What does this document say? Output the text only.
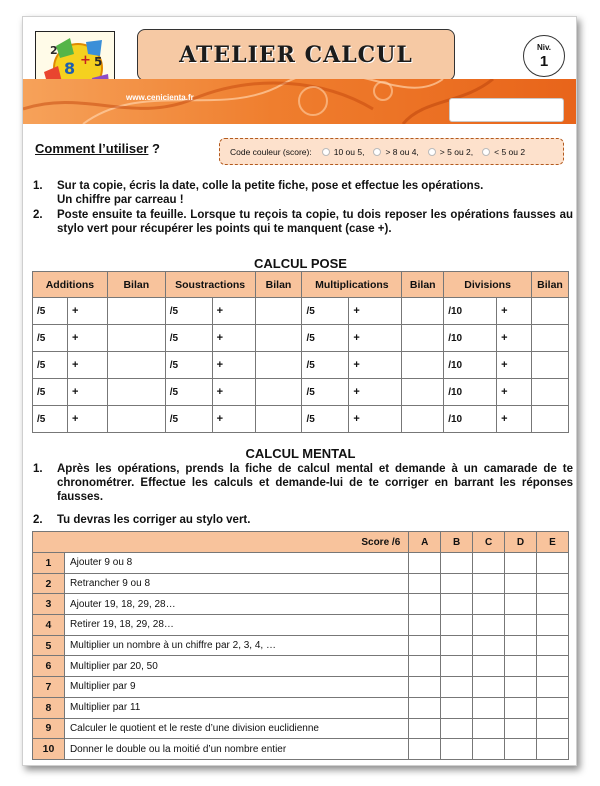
8 + 5
2	ATELIER CALCUL	Niv.
1
www.cenicienta.fr
Comment l’utiliser ?	Code couleur (score):	10 ou 5, > 8 ou 4, > 5 ou 2, < 5 ou 2
1. Sur ta copie, écris la date, colle la petite fiche, pose et effectue les opérations.
Un chiffre par carreau !
2. Poste ensuite ta feuille. Lorsque tu reçois ta copie, tu dois reposer les opérations fausses au stylo vert pour récupérer les points qui te manquent (case +).
CALCUL POSE
Additions		Bilan	Soustractions		Bilan	Multiplications		Bilan	Divisions		Bilan
/5	+		/5	+		/5	+		/10	+	
/5	+		/5	+		/5	+		/10	+	
/5	+		/5	+		/5	+		/10	+	
/5	+		/5	+		/5	+		/10	+	
/5	+		/5	+		/5	+		/10	+	
CALCUL MENTAL
1. Après les opérations, prends la fiche de calcul mental et demande à un camarade de te chronométrer. Effectue les calculs et demande-lui de te corriger en barrant les réponses fausses.
2. Tu devras les corriger au stylo vert.
Score /6		A	B	C	D	E
1	Ajouter 9 ou 8					
2	Retrancher 9 ou 8					
3	Ajouter 19, 18, 29, 28…					
4	Retirer 19, 18, 29, 28…					
5	Multiplier un nombre à un chiffre par 2, 3, 4, …					
6	Multiplier par 20, 50					
7	Multiplier par 9					
8	Multiplier par 11					
9	Calculer le quotient et le reste d’une division euclidienne					
10	Donner le double ou la moitié d’un nombre entier					
